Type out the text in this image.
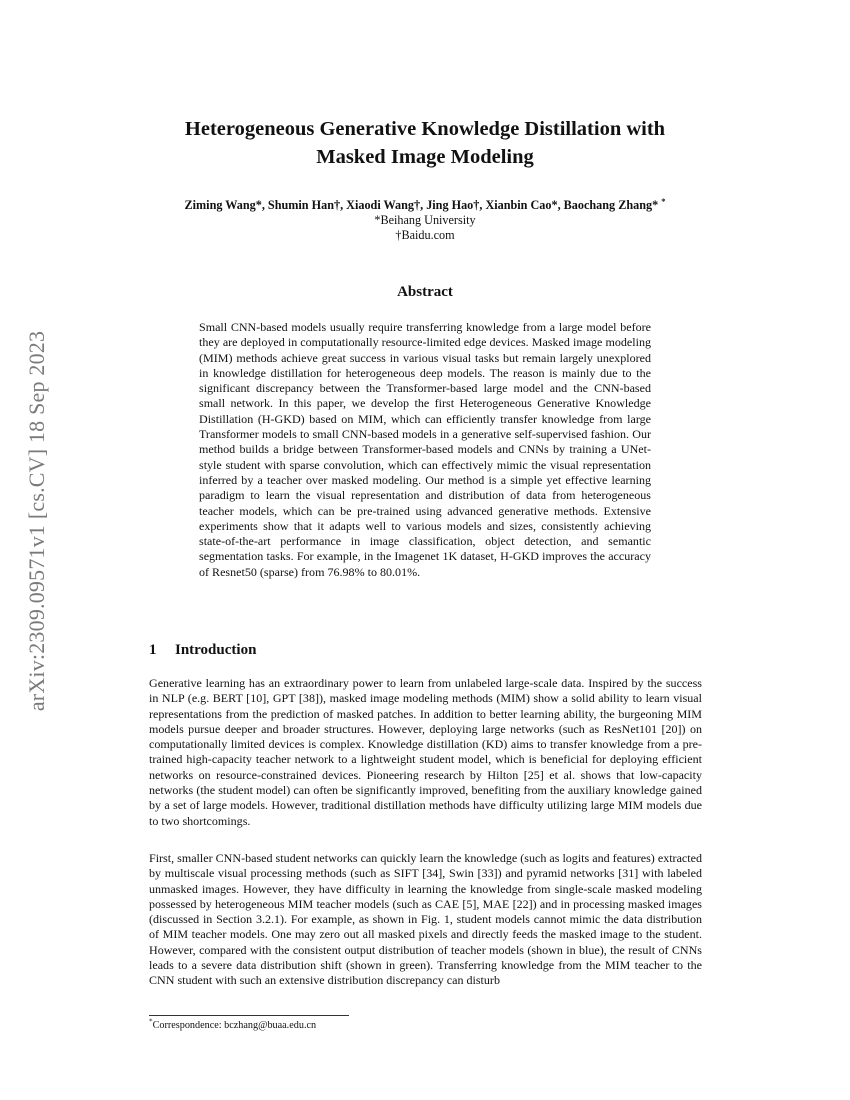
arXiv:2309.09571v1 [cs.CV] 18 Sep 2023
Heterogeneous Generative Knowledge Distillation with
Masked Image Modeling
Ziming Wang*, Shumin Han†, Xiaodi Wang†, Jing Hao†, Xianbin Cao*, Baochang Zhang* *
*Beihang University
†Baidu.com
Abstract
Small CNN-based models usually require transferring knowledge from a large model before they are deployed in computationally resource-limited edge devices. Masked image modeling (MIM) methods achieve great success in various visual tasks but remain largely unexplored in knowledge distillation for heterogeneous deep models. The reason is mainly due to the significant discrepancy between the Transformer-based large model and the CNN-based small network. In this paper, we develop the first Heterogeneous Generative Knowledge Distillation (H-GKD) based on MIM, which can efficiently transfer knowledge from large Transformer models to small CNN-based models in a generative self-supervised fashion. Our method builds a bridge between Transformer-based models and CNNs by training a UNet-style student with sparse convolution, which can effectively mimic the visual representation inferred by a teacher over masked modeling. Our method is a simple yet effective learning paradigm to learn the visual representation and distribution of data from heterogeneous teacher models, which can be pre-trained using advanced generative methods. Extensive experiments show that it adapts well to various models and sizes, consistently achieving state-of-the-art performance in image classification, object detection, and semantic segmentation tasks. For example, in the Imagenet 1K dataset, H-GKD improves the accuracy of Resnet50 (sparse) from 76.98% to 80.01%.
1 Introduction
Generative learning has an extraordinary power to learn from unlabeled large-scale data. Inspired by the success in NLP (e.g. BERT [10], GPT [38]), masked image modeling methods (MIM) show a solid ability to learn visual representations from the prediction of masked patches. In addition to better learning ability, the burgeoning MIM models pursue deeper and broader structures. However, deploying large networks (such as ResNet101 [20]) on computationally limited devices is complex. Knowledge distillation (KD) aims to transfer knowledge from a pre-trained high-capacity teacher network to a lightweight student model, which is beneficial for deploying efficient networks on resource-constrained devices. Pioneering research by Hilton [25] et al. shows that low-capacity networks (the student model) can often be significantly improved, benefiting from the auxiliary knowledge gained by a set of large models. However, traditional distillation methods have difficulty utilizing large MIM models due to two shortcomings.
First, smaller CNN-based student networks can quickly learn the knowledge (such as logits and features) extracted by multiscale visual processing methods (such as SIFT [34], Swin [33]) and pyramid networks [31] with labeled unmasked images. However, they have difficulty in learning the knowledge from single-scale masked modeling possessed by heterogeneous MIM teacher models (such as CAE [5], MAE [22]) and in processing masked images (discussed in Section 3.2.1). For example, as shown in Fig. 1, student models cannot mimic the data distribution of MIM teacher models. One may zero out all masked pixels and directly feeds the masked image to the student. However, compared with the consistent output distribution of teacher models (shown in blue), the result of CNNs leads to a severe data distribution shift (shown in green). Transferring knowledge from the MIM teacher to the CNN student with such an extensive distribution discrepancy can disturb
*Correspondence: bczhang@buaa.edu.cn
